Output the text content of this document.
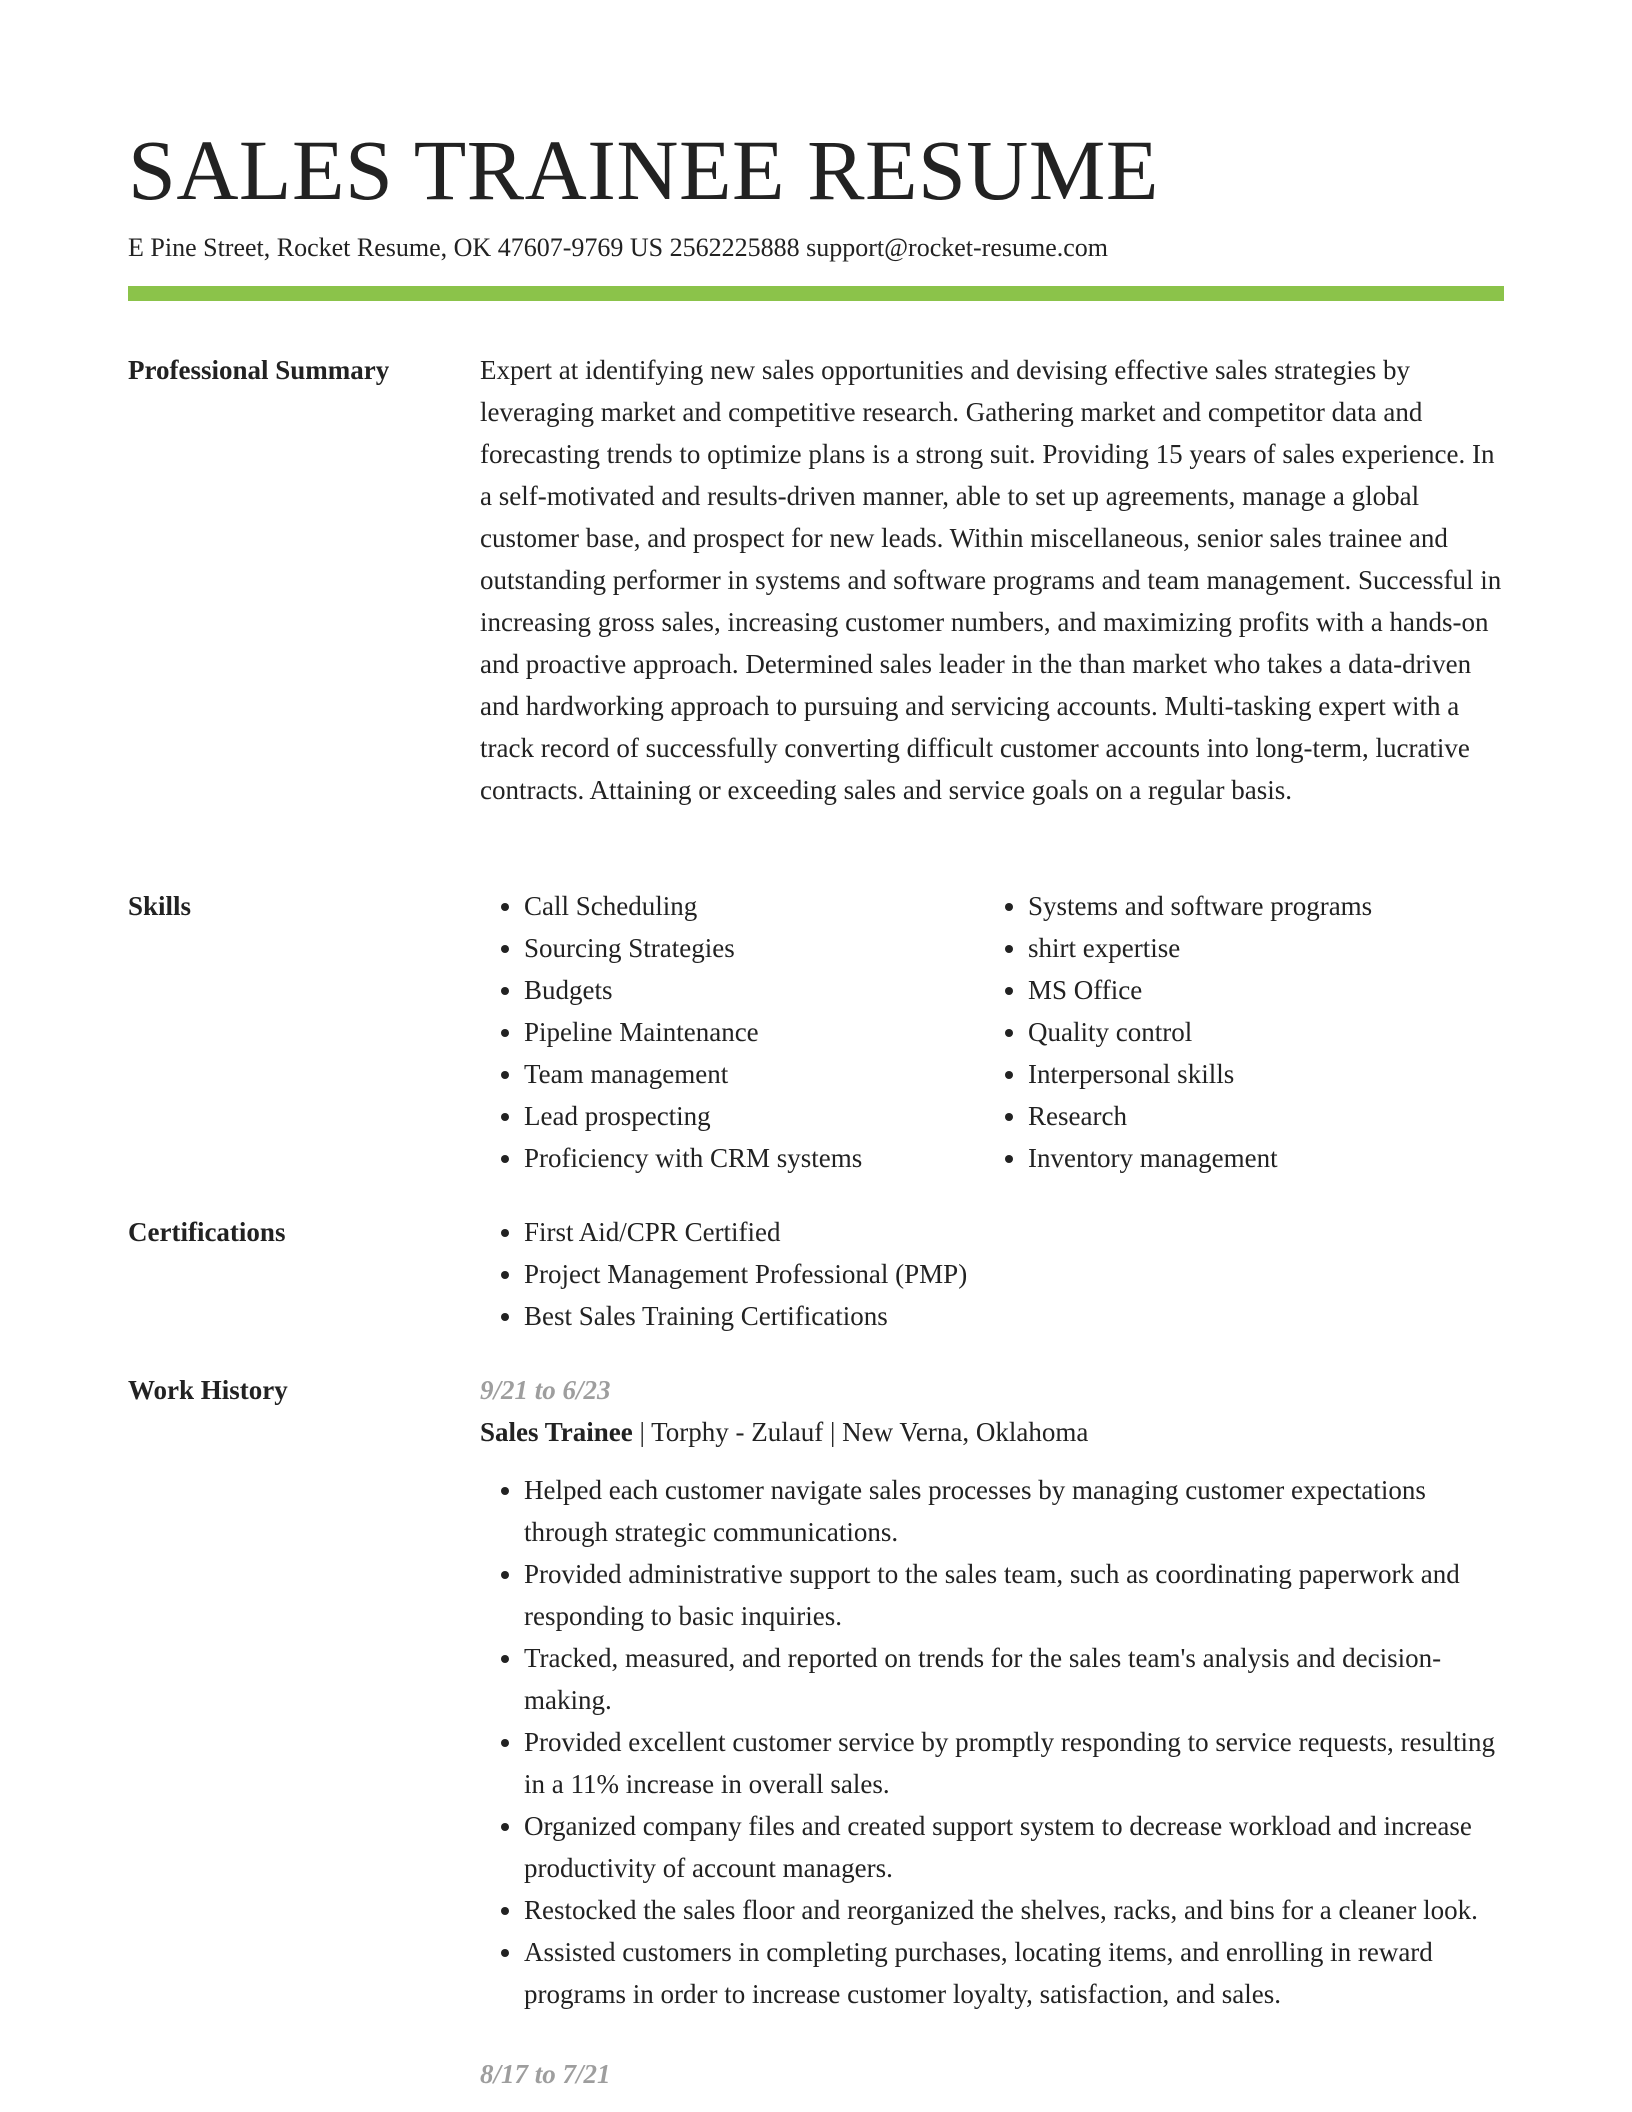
SALES TRAINEE RESUME
E Pine Street, Rocket Resume, OK 47607-9769 US 2562225888 support@rocket-resume.com
Professional Summary	Expert at identifying new sales opportunities and devising effective sales strategies by leveraging market and competitive research. Gathering market and competitor data and forecasting trends to optimize plans is a strong suit. Providing 15 years of sales experience. In a self-motivated and results-driven manner, able to set up agreements, manage a global customer base, and prospect for new leads. Within miscellaneous, senior sales trainee and outstanding performer in systems and software programs and team management. Successful in increasing gross sales, increasing customer numbers, and maximizing profits with a hands-on and proactive approach. Determined sales leader in the than market who takes a data-driven and hardworking approach to pursuing and servicing accounts. Multi-tasking expert with a track record of successfully converting difficult customer accounts into long-term, lucrative contracts. Attaining or exceeding sales and service goals on a regular basis.

Skills	• Call Scheduling
• Sourcing Strategies
• Budgets
• Pipeline Maintenance
• Team management
• Lead prospecting
• Proficiency with CRM systems
• Systems and software programs
• shirt expertise
• MS Office
• Quality control
• Interpersonal skills
• Research
• Inventory management
Certifications	• First Aid/CPR Certified
• Project Management Professional (PMP)
• Best Sales Training Certifications
Work History	9/21 to 6/23
Sales Trainee | Torphy - Zulauf | New Verna, Oklahoma
• Helped each customer navigate sales processes by managing customer expectations through strategic communications.
• Provided administrative support to the sales team, such as coordinating paperwork and responding to basic inquiries.
• Tracked, measured, and reported on trends for the sales team's analysis and decision-making.
• Provided excellent customer service by promptly responding to service requests, resulting in a 11% increase in overall sales.
• Organized company files and created support system to decrease workload and increase productivity of account managers.
• Restocked the sales floor and reorganized the shelves, racks, and bins for a cleaner look.
• Assisted customers in completing purchases, locating items, and enrolling in reward programs in order to increase customer loyalty, satisfaction, and sales.
8/17 to 7/21
